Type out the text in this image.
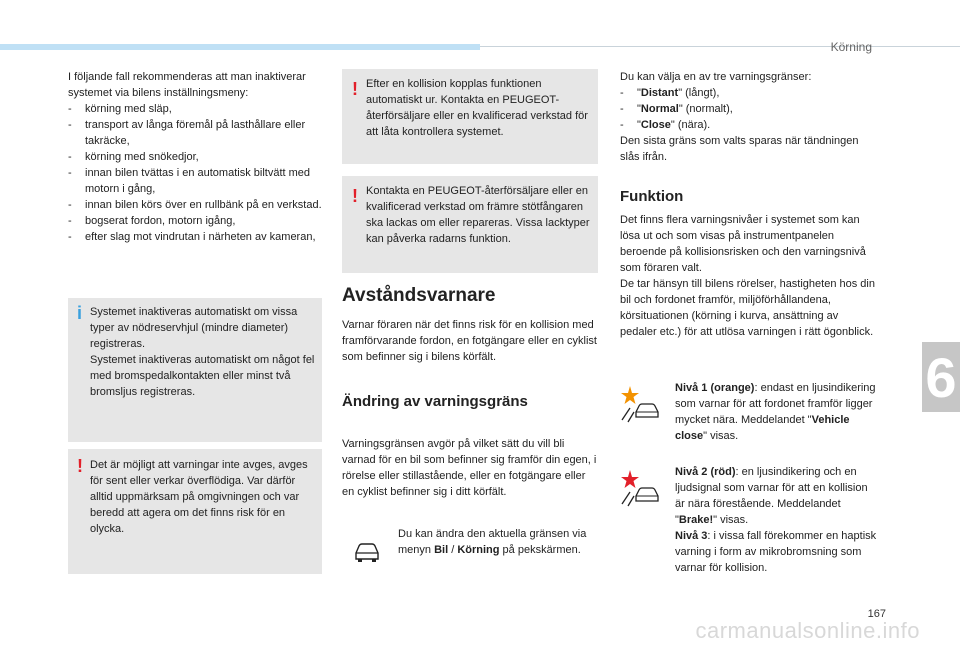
Körning
6

I följande fall rekommenderas att man inaktiverar systemet via bilens inställningsmeny:

- körning med släp,
- transport av långa föremål på lasthållare eller takräcke,
- körning med snökedjor,
- innan bilen tvättas i en automatisk biltvätt med motorn i gång,
- innan bilen körs över en rullbänk på en verkstad.
- bogserat fordon, motorn igång,
- efter slag mot vindrutan i närheten av kameran,
i Systemet inaktiveras automatiskt om vissa typer av nödreservhjul (mindre diameter) registreras.

Systemet inaktiveras automatiskt om något fel med bromspedalkontakten eller minst två bromsljus registreras.

! Det är möjligt att varningar inte avges, avges för sent eller verkar överflödiga. Var därför alltid uppmärksam på omgivningen och var beredd att agera om det finns risk för en olycka.

! Efter en kollision kopplas funktionen automatiskt ur. Kontakta en PEUGEOT-återförsäljare eller en kvalificerad verkstad för att låta kontrollera systemet.

! Kontakta en PEUGEOT-återförsäljare eller en kvalificerad verkstad om främre stötfångaren ska lackas om eller repareras. Vissa lacktyper kan påverka radarns funktion.

Avståndsvarnare

Varnar föraren när det finns risk för en kollision med framförvarande fordon, en fotgängare eller en cyklist som befinner sig i bilens körfält.

Ändring av varningsgräns

Varningsgränsen avgör på vilket sätt du vill bli varnad för en bil som befinner sig framför din egen, i rörelse eller stillastående, eller en fotgängare eller en cyklist befinner sig i ditt körfält.

Du kan ändra den aktuella gränsen via menyn Bil / Körning på pekskärmen.

Du kan välja en av tre varningsgränser:

- "Distant" (långt),
- "Normal" (normalt),
- "Close" (nära).

Den sista gräns som valts sparas när tändningen slås ifrån.

Funktion

Det finns flera varningsnivåer i systemet som kan lösa ut och som visas på instrumentpanelen beroende på kollisionsrisken och den varningsnivå som föraren valt.

De tar hänsyn till bilens rörelser, hastigheten hos din bil och fordonet framför, miljöförhållandena, körsituationen (körning i kurva, ansättning av pedaler etc.) för att utlösa varningen i rätt ögonblick.

Nivå 1 (orange): endast en ljusindikering som varnar för att fordonet framför ligger mycket nära. Meddelandet "Vehicle close" visas.
Nivå 2 (röd): en ljusindikering och en ljudsignal som varnar för att en kollision är nära förestående. Meddelandet "Brake!" visas.
Nivå 3: i vissa fall förekommer en haptisk varning i form av mikrobromsning som varnar för kollision.
167
carmanualsonline.info
